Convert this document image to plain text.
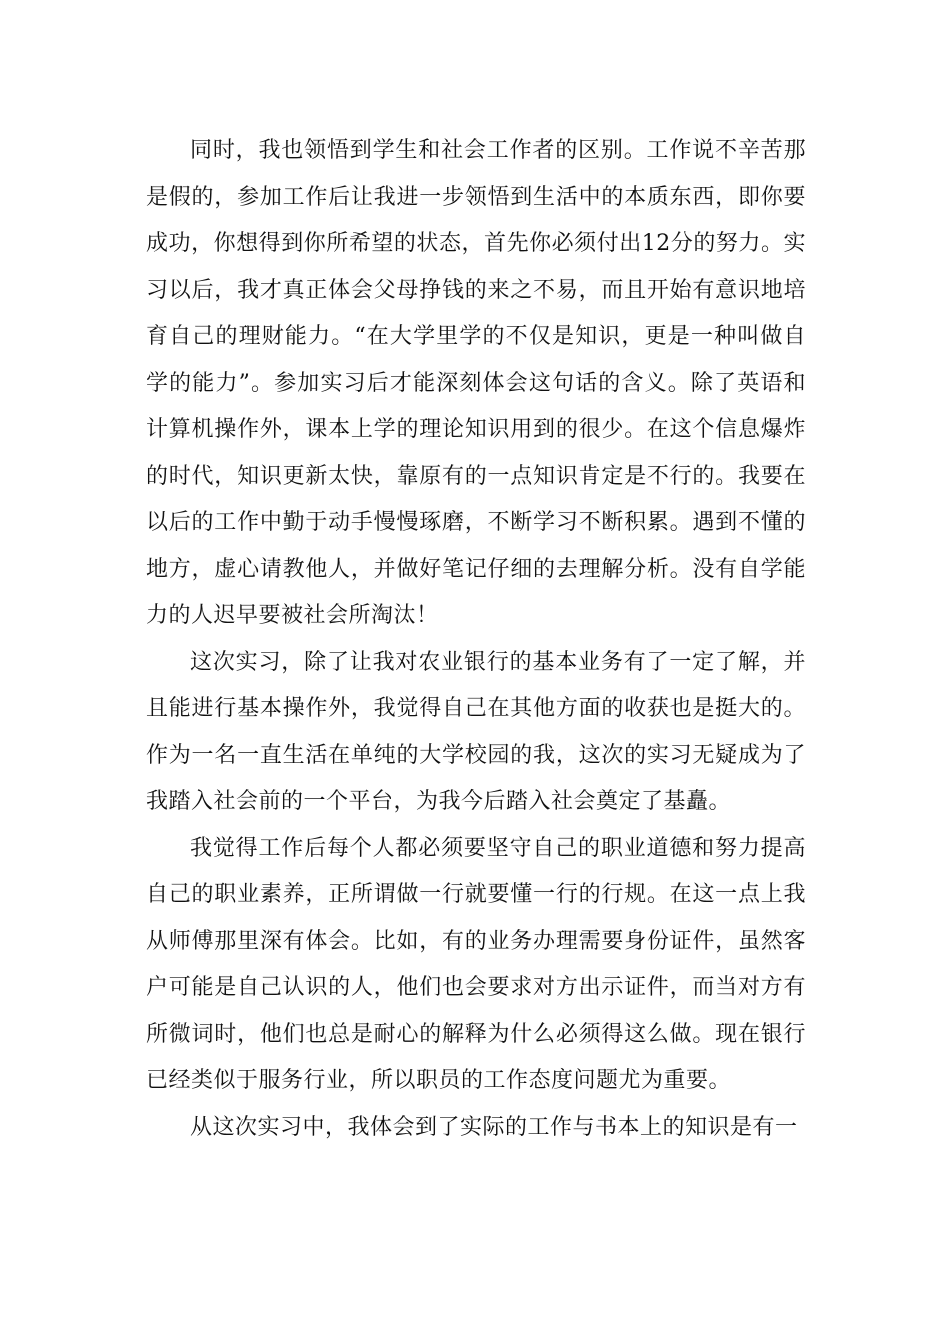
同时，我也领悟到学生和社会工作者的区别。工作说不辛苦那是假的，参加工作后让我进一步领悟到生活中的本质东西，即你要成功，你想得到你所希望的状态，首先你必须付出12分的努力。实习以后，我才真正体会父母挣钱的来之不易，而且开始有意识地培育自己的理财能力。“在大学里学的不仅是知识，更是一种叫做自学的能力”。参加实习后才能深刻体会这句话的含义。除了英语和计算机操作外，课本上学的理论知识用到的很少。在这个信息爆炸的时代，知识更新太快，靠原有的一点知识肯定是不行的。我要在以后的工作中勤于动手慢慢琢磨，不断学习不断积累。遇到不懂的地方，虚心请教他人，并做好笔记仔细的去理解分析。没有自学能力的人迟早要被社会所淘汰！

这次实习，除了让我对农业银行的基本业务有了一定了解，并且能进行基本操作外，我觉得自己在其他方面的收获也是挺大的。作为一名一直生活在单纯的大学校园的我，这次的实习无疑成为了我踏入社会前的一个平台，为我今后踏入社会奠定了基矗。

我觉得工作后每个人都必须要坚守自己的职业道德和努力提高自己的职业素养，正所谓做一行就要懂一行的行规。在这一点上我从师傅那里深有体会。比如，有的业务办理需要身份证件，虽然客户可能是自己认识的人，他们也会要求对方出示证件，而当对方有所微词时，他们也总是耐心的解释为什么必须得这么做。现在银行已经类似于服务行业，所以职员的工作态度问题尤为重要。

从这次实习中，我体会到了实际的工作与书本上的知识是有一
